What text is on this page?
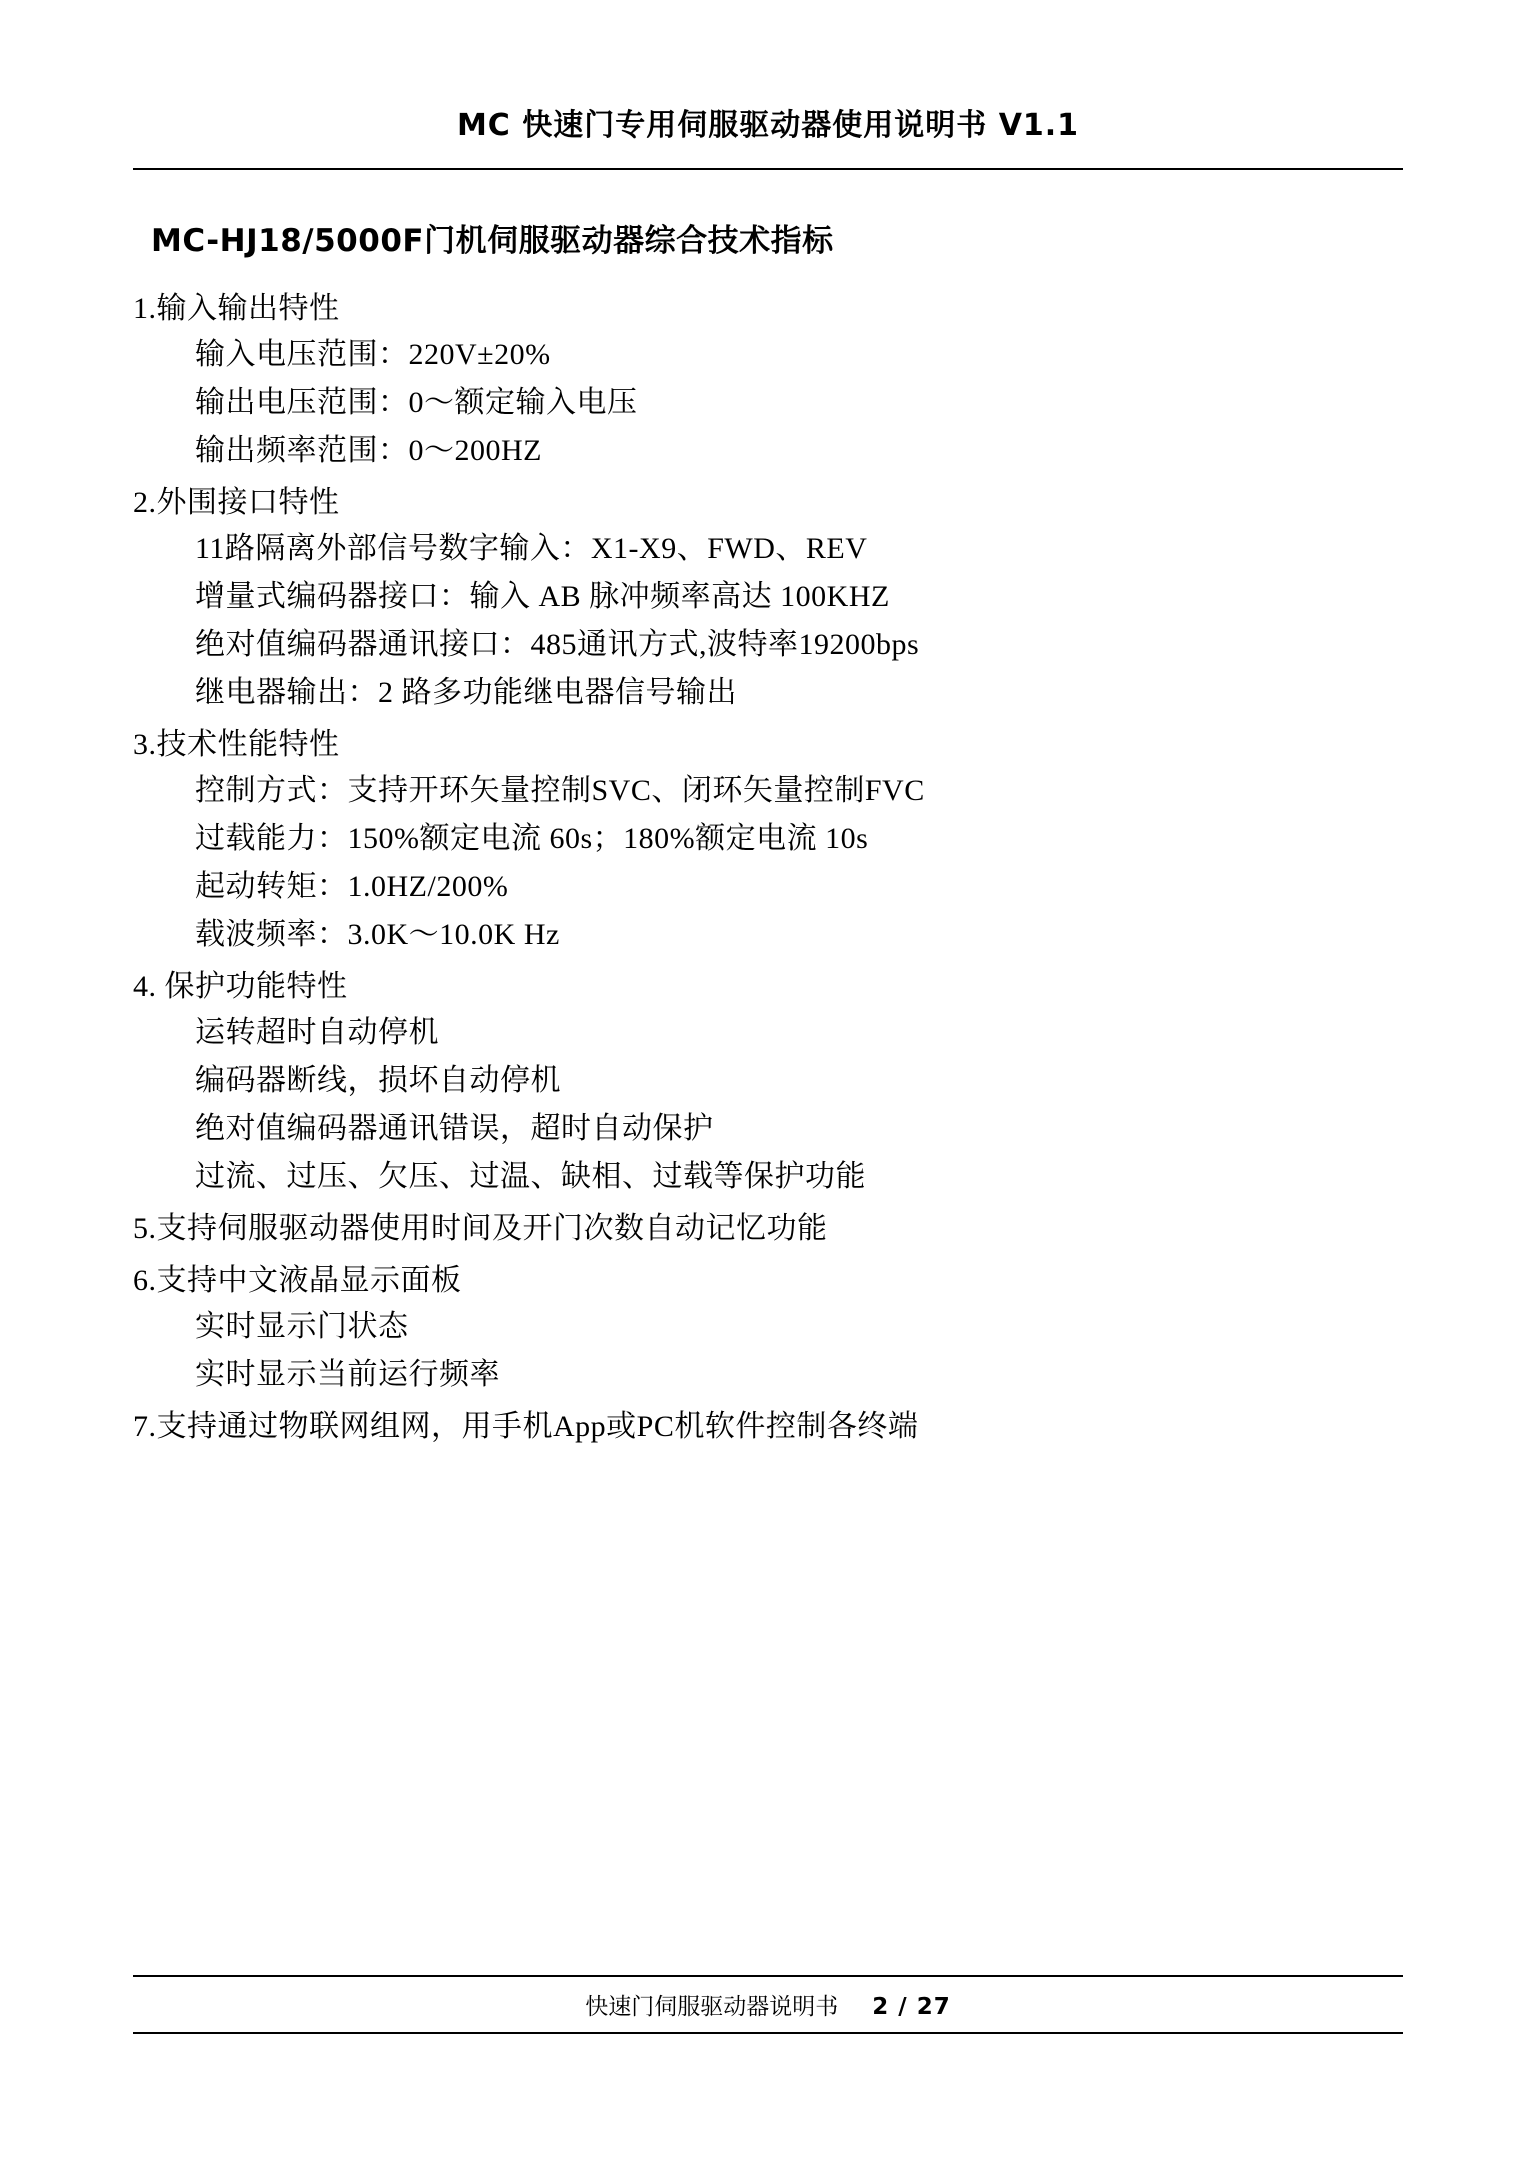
MC 快速门专用伺服驱动器使用说明书 V1.1
MC-HJ18/5000F门机伺服驱动器综合技术指标
1.输入输出特性
输入电压范围：220V±20%
输出电压范围：0～额定输入电压
输出频率范围：0～200HZ
2.外围接口特性
11路隔离外部信号数字输入：X1-X9、FWD、REV
增量式编码器接口：输入 AB 脉冲频率高达 100KHZ
绝对值编码器通讯接口：485通讯方式,波特率19200bps
继电器输出：2 路多功能继电器信号输出
3.技术性能特性
控制方式：支持开环矢量控制SVC、闭环矢量控制FVC
过载能力：150%额定电流 60s；180%额定电流 10s
起动转矩：1.0HZ/200%
载波频率：3.0K～10.0K Hz
4. 保护功能特性
运转超时自动停机
编码器断线，损坏自动停机
绝对值编码器通讯错误，超时自动保护
过流、过压、欠压、过温、缺相、过载等保护功能
5.支持伺服驱动器使用时间及开门次数自动记忆功能
6.支持中文液晶显示面板
实时显示门状态
实时显示当前运行频率
7.支持通过物联网组网，用手机App或PC机软件控制各终端
快速门伺服驱动器说明书 2 / 27
